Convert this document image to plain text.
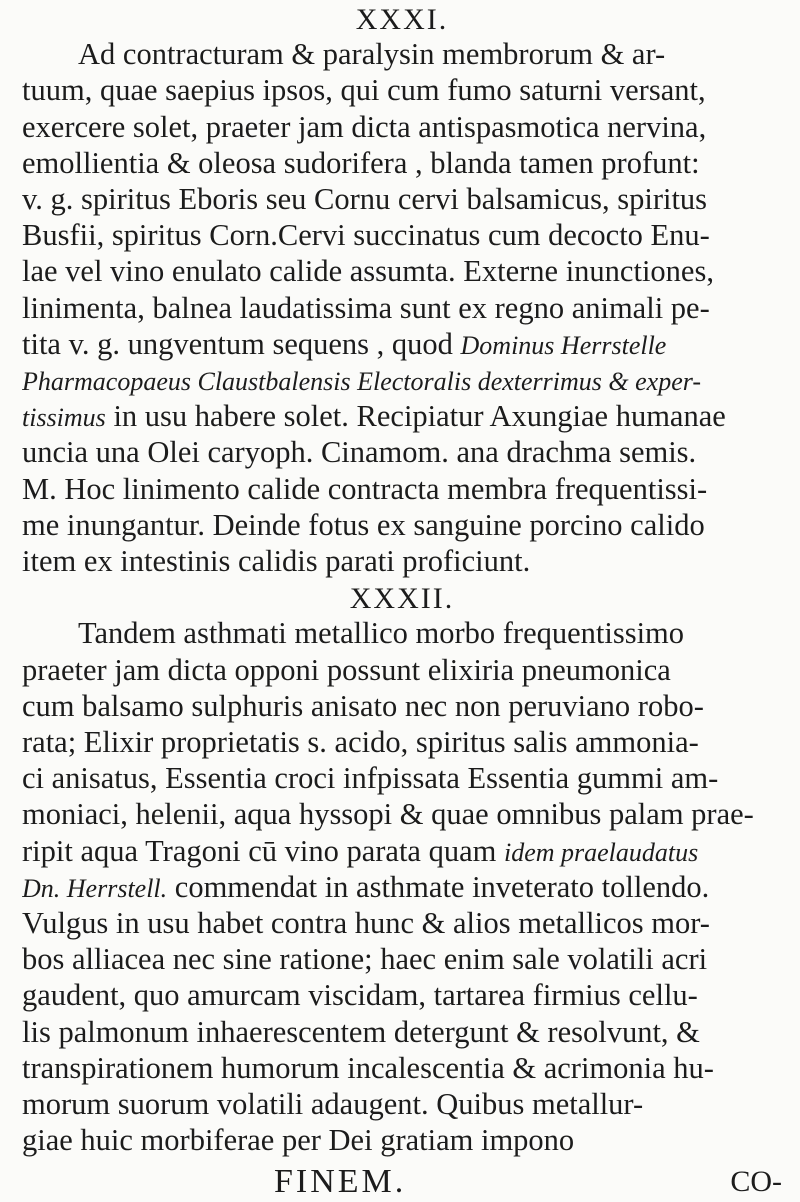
XXXI.
Ad contracturam & paralysin membrorum & ar-
tuum, quae saepius ipsos, qui cum fumo saturni versant,
exercere solet, praeter jam dicta antispasmotica nervina,
emollientia & oleosa sudorifera , blanda tamen profunt:
v. g. spiritus Eboris seu Cornu cervi balsamicus, spiritus
Busfii, spiritus Corn.Cervi succinatus cum decocto Enu-
lae vel vino enulato calide assumta. Externe inunctiones,
linimenta, balnea laudatissima sunt ex regno animali pe-
tita v. g. ungventum sequens , quod Dominus Herrstelle
Pharmacopaeus Claustbalensis Electoralis dexterrimus & exper-
tissimus in usu habere solet. Recipiatur Axungiae humanae
uncia una Olei caryoph. Cinamom. ana drachma semis.
M. Hoc linimento calide contracta membra frequentissi-
me inungantur. Deinde fotus ex sanguine porcino calido
item ex intestinis calidis parati proficiunt.
XXXII.
Tandem asthmati metallico morbo frequentissimo
praeter jam dicta opponi possunt elixiria pneumonica
cum balsamo sulphuris anisato nec non peruviano robo-
rata; Elixir proprietatis s. acido, spiritus salis ammonia-
ci anisatus, Essentia croci infpissata Essentia gummi am-
moniaci, helenii, aqua hyssopi & quae omnibus palam prae-
ripit aqua Tragoni cū vino parata quam idem praelaudatus
Dn. Herrstell. commendat in asthmate inveterato tollendo.
Vulgus in usu habet contra hunc & alios metallicos mor-
bos alliacea nec sine ratione; haec enim sale volatili acri
gaudent, quo amurcam viscidam, tartarea firmius cellu-
lis palmonum inhaerescentem detergunt & resolvunt, &
transpirationem humorum incalescentia & acrimonia hu-
morum suorum volatili adaugent. Quibus metallur-
giae huic morbiferae per Dei gratiam impono
FINEM.	CO-
